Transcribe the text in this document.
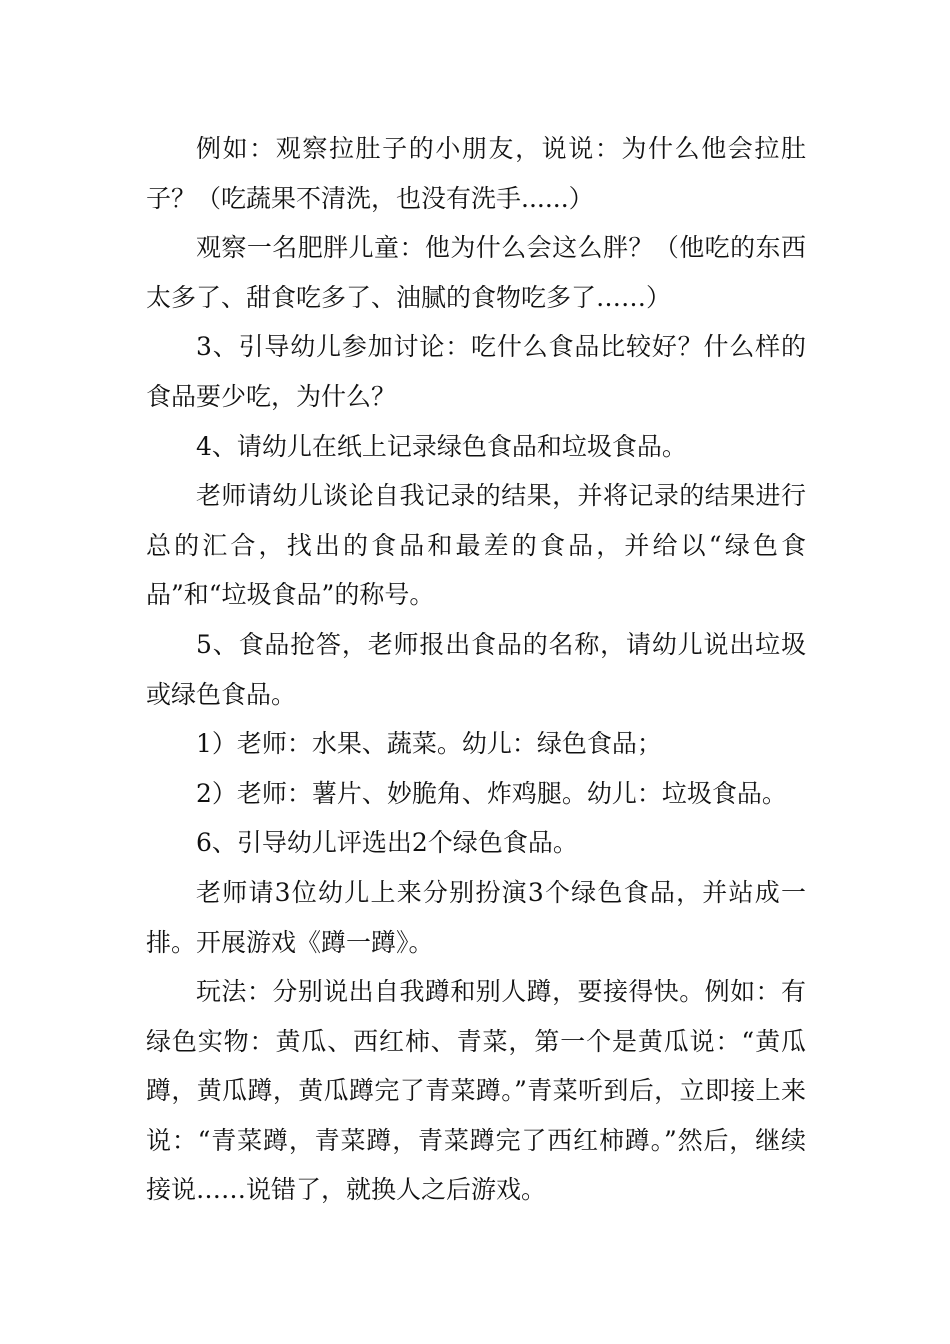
例如：观察拉肚子的小朋友，说说：为什么他会拉肚子？（吃蔬果不清洗，也没有洗手......）

观察一名肥胖儿童：他为什么会这么胖？（他吃的东西太多了、甜食吃多了、油腻的食物吃多了……）

3、引导幼儿参加讨论：吃什么食品比较好？什么样的食品要少吃，为什么？

4、请幼儿在纸上记录绿色食品和垃圾食品。

老师请幼儿谈论自我记录的结果，并将记录的结果进行总的汇合，找出的食品和最差的食品，并给以“绿色食品”和“垃圾食品”的称号。

5、食品抢答，老师报出食品的名称，请幼儿说出垃圾或绿色食品。

1）老师：水果、蔬菜。幼儿：绿色食品；

2）老师：薯片、妙脆角、炸鸡腿。幼儿：垃圾食品。

6、引导幼儿评选出2个绿色食品。

老师请3位幼儿上来分别扮演3个绿色食品，并站成一排。开展游戏《蹲一蹲》。

玩法：分别说出自我蹲和别人蹲，要接得快。例如：有绿色实物：黄瓜、西红柿、青菜，第一个是黄瓜说：“黄瓜蹲，黄瓜蹲，黄瓜蹲完了青菜蹲。”青菜听到后，立即接上来说：“青菜蹲，青菜蹲，青菜蹲完了西红柿蹲。”然后，继续接说……说错了，就换人之后游戏。
